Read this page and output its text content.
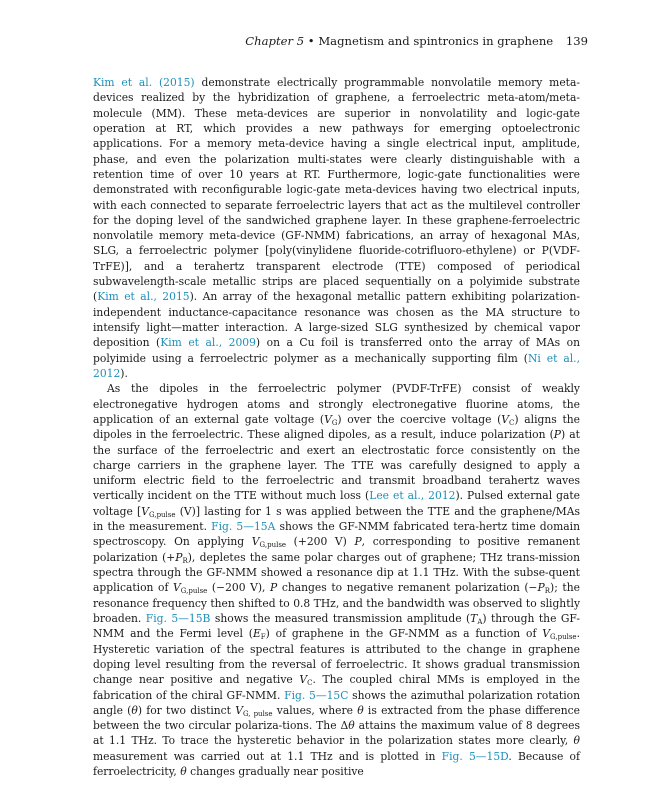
Chapter 5 • Magnetism and spintronics in graphene 139

Kim et al. (2015) demonstrate electrically programmable nonvolatile memory meta-devices realized by the hybridization of graphene, a ferroelectric meta-atom/meta-molecule (MM). These meta-devices are superior in nonvolatility and logic-gate operation at RT, which provides a new pathways for emerging optoelectronic applications. For a memory meta-device having a single electrical input, amplitude, phase, and even the polarization multi-states were clearly distinguishable with a retention time of over 10 years at RT. Furthermore, logic-gate functionalities were demonstrated with reconfigurable logic-gate meta-devices having two electrical inputs, with each connected to separate ferroelectric layers that act as the multilevel controller for the doping level of the sandwiched graphene layer. In these graphene-ferroelectric nonvolatile memory meta-device (GF-NMM) fabrications, an array of hexagonal MAs, SLG, a ferroelectric polymer [poly(vinylidene fluoride-cotrifluoro-ethylene) or P(VDF-TrFE)], and a terahertz transparent electrode (TTE) composed of periodical subwavelength-scale metallic strips are placed sequentially on a polyimide substrate (Kim et al., 2015). An array of the hexagonal metallic pattern exhibiting polarization-independent inductance-capacitance resonance was chosen as the MA structure to intensify light—matter interaction. A large-sized SLG synthesized by chemical vapor deposition (Kim et al., 2009) on a Cu foil is transferred onto the array of MAs on polyimide using a ferroelectric polymer as a mechanically supporting film (Ni et al., 2012).

As the dipoles in the ferroelectric polymer (PVDF-TrFE) consist of weakly electronegative hydrogen atoms and strongly electronegative fluorine atoms, the application of an external gate voltage $(V_G)$ over the coercive voltage $(V_C)$ aligns the dipoles in the ferroelectric. These aligned dipoles, as a result, induce polarization (P) at the surface of the ferroelectric and exert an electrostatic force consistently on the charge carriers in the graphene layer. The TTE was carefully designed to apply a uniform electric field to the ferroelectric and transmit broadband terahertz waves vertically incident on the TTE without much loss (Lee et al., 2012). Pulsed external gate voltage [$V_{G,pulse}$ (V)] lasting for 1 s was applied between the TTE and the graphene/MAs in the measurement. Fig. 5—15A shows the GF-NMM fabricated tera-hertz time domain spectroscopy. On applying $V_{G,pulse}$ (+200 V) P, corresponding to positive remanent polarization $(+P_R)$, depletes the same polar charges out of graphene; THz trans-mission spectra through the GF-NMM showed a resonance dip at 1.1 THz. With the subse-quent application of $V_{G,pulse}$ (−200 V), P changes to negative remanent polarization $(-P_R)$; the resonance frequency then shifted to 0.8 THz, and the bandwidth was observed to slightly broaden. Fig. 5—15B shows the measured transmission amplitude $(T_A)$ through the GF-NMM and the Fermi level $(E_F)$ of graphene in the GF-NMM as a function of $V_{G,pulse}$. Hysteretic variation of the spectral features is attributed to the change in graphene doping level resulting from the reversal of ferroelectric. It shows gradual transmission change near positive and negative $V_C$. The coupled chiral MMs is employed in the fabrication of the chiral GF-NMM. Fig. 5—15C shows the azimuthal polarization rotation angle (θ) for two distinct $V_{G, pulse}$ values, where θ is extracted from the phase difference between the two circular polariza-tions. The Δθ attains the maximum value of 8 degrees at 1.1 THz. To trace the hysteretic behavior in the polarization states more clearly, θ measurement was carried out at 1.1 THz and is plotted in Fig. 5—15D. Because of ferroelectricity, θ changes gradually near positive
